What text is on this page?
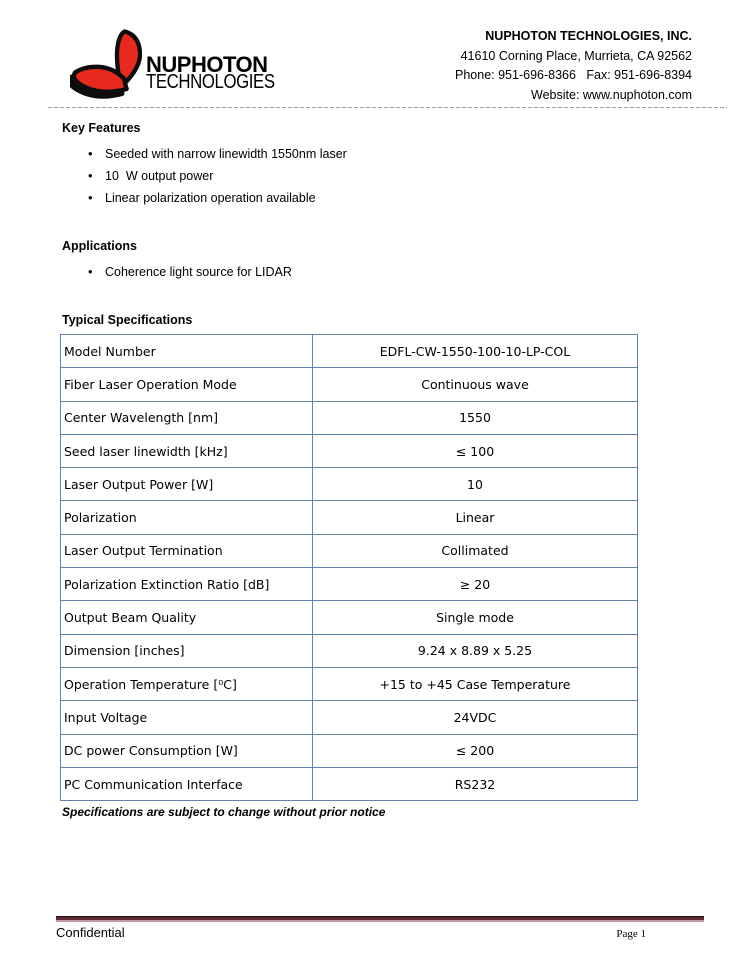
NUPHOTON
TECHNOLOGIES
NUPHOTON TECHNOLOGIES, INC.
41610 Corning Place, Murrieta, CA 92562
Phone: 951-696-8366   Fax: 951-696-8394
Website: www.nuphoton.com
Key Features
• Seeded with narrow linewidth 1550nm laser
• 10  W output power
• Linear polarization operation available
Applications
• Coherence light source for LIDAR
Typical Specifications
Model Number	EDFL-CW-1550-100-10-LP-COL
Fiber Laser Operation Mode	Continuous wave
Center Wavelength [nm]	1550
Seed laser linewidth [kHz]	≤ 100
Laser Output Power [W]	10
Polarization	Linear
Laser Output Termination	Collimated
Polarization Extinction Ratio [dB]	≥ 20
Output Beam Quality	Single mode
Dimension [inches]	9.24 x 8.89 x 5.25
Operation Temperature [⁰C]	+15 to +45 Case Temperature
Input Voltage	24VDC
DC power Consumption [W]	≤ 200
PC Communication Interface	RS232
Specifications are subject to change without prior notice
Confidential	Page 1
